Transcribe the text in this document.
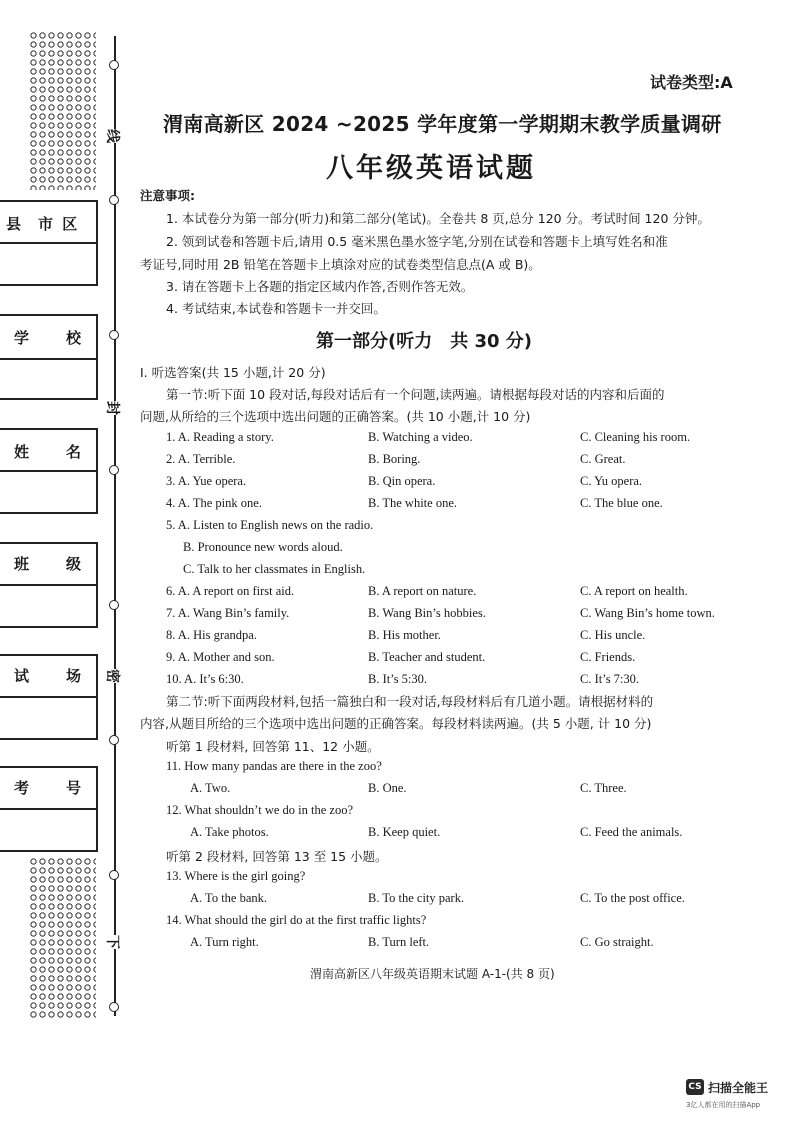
县 市 区
学 校
姓 名
班 级
试 场
考 号
线
封
密
下
试卷类型:A
渭南高新区 2024 ~2025 学年度第一学期期末教学质量调研
八年级英语试题
注意事项:
1. 本试卷分为第一部分(听力)和第二部分(笔试)。全卷共 8 页,总分 120 分。考试时间 120 分钟。
2. 领到试卷和答题卡后,请用 0.5 毫米黑色墨水签字笔,分别在试卷和答题卡上填写姓名和准
考证号,同时用 2B 铅笔在答题卡上填涂对应的试卷类型信息点(A 或 B)。
3. 请在答题卡上各题的指定区域内作答,否则作答无效。
4. 考试结束,本试卷和答题卡一并交回。
第一部分(听力　共 30 分)
Ⅰ. 听选答案(共 15 小题,计 20 分)
第一节:听下面 10 段对话,每段对话后有一个问题,读两遍。请根据每段对话的内容和后面的
问题,从所给的三个选项中选出问题的正确答案。(共 10 小题,计 10 分)
1. A. Reading a story.	B. Watching a video.	C. Cleaning his room.
2. A. Terrible.	B. Boring.	C. Great.
3. A. Yue opera.	B. Qin opera.	C. Yu opera.
4. A. The pink one.	B. The white one.	C. The blue one.
5. A. Listen to English news on the radio.
B. Pronounce new words aloud.
C. Talk to her classmates in English.
6. A. A report on first aid.	B. A report on nature.	C. A report on health.
7. A. Wang Bin’s family.	B. Wang Bin’s hobbies.	C. Wang Bin’s home town.
8. A. His grandpa.	B. His mother.	C. His uncle.
9. A. Mother and son.	B. Teacher and student.	C. Friends.
10. A. It’s 6:30.	B. It’s 5:30.	C. It’s 7:30.
第二节:听下面两段材料,包括一篇独白和一段对话,每段材料后有几道小题。请根据材料的
内容,从题目所给的三个选项中选出问题的正确答案。每段材料读两遍。(共 5 小题, 计 10 分)
听第 1 段材料, 回答第 11、12 小题。
11. How many pandas are there in the zoo?
A. Two.	B. One.	C. Three.
12. What shouldn’t we do in the zoo?
A. Take photos.	B. Keep quiet.	C. Feed the animals.
听第 2 段材料, 回答第 13 至 15 小题。
13. Where is the girl going?
A. To the bank.	B. To the city park.	C. To the post office.
14. What should the girl do at the first traffic lights?
A. Turn right.	B. Turn left.	C. Go straight.
渭南高新区八年级英语期末试题 A-1-(共 8 页)
CS 扫描全能王
3亿人都在用的扫描App
